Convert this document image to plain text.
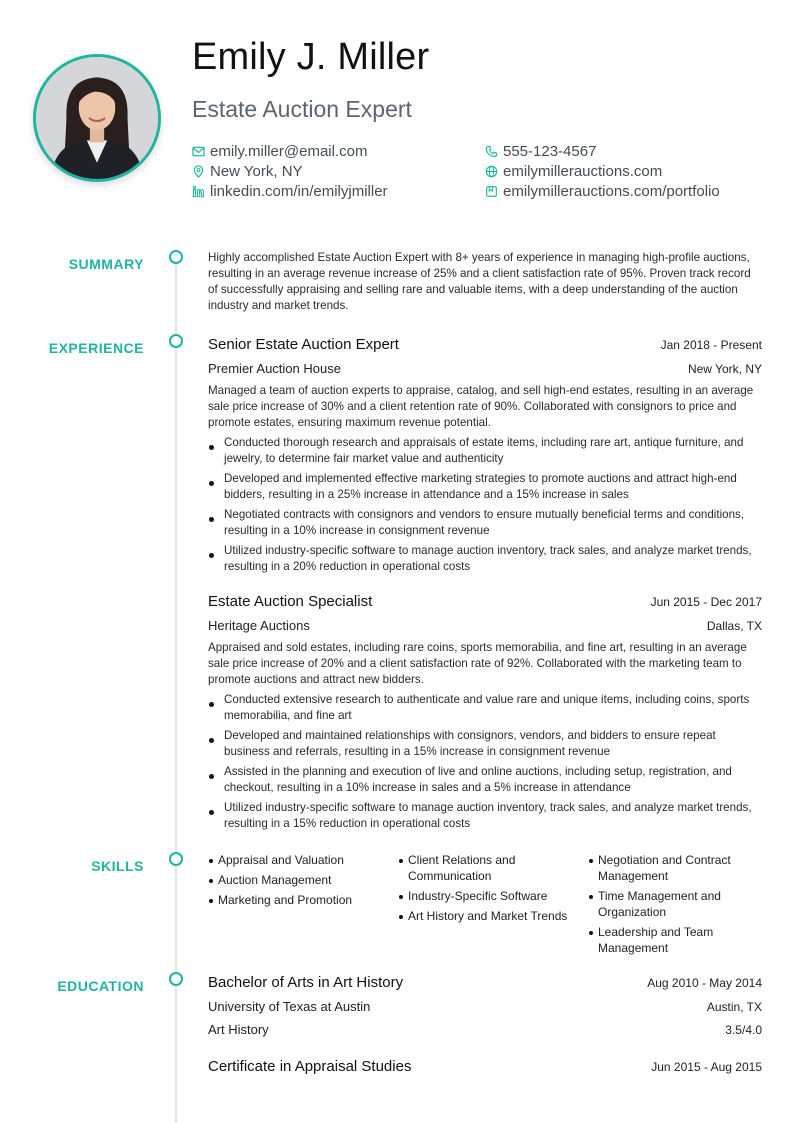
Emily J. Miller
Estate Auction Expert
emily.miller@email.com	555-123-4567
New York, NY	emilymillerauctions.com
linkedin.com/in/emilyjmiller	emilymillerauctions.com/portfolio
SUMMARY	Highly accomplished Estate Auction Expert with 8+ years of experience in managing high-profile auctions, resulting in an average revenue increase of 25% and a client satisfaction rate of 95%. Proven track record of successfully appraising and selling rare and valuable items, with a deep understanding of the auction industry and market trends.
EXPERIENCE	Senior Estate Auction Expert	Jan 2018 - Present
Premier Auction House	New York, NY
Managed a team of auction experts to appraise, catalog, and sell high-end estates, resulting in an average sale price increase of 30% and a client retention rate of 90%. Collaborated with consignors to price and promote estates, ensuring maximum revenue potential.
Conducted thorough research and appraisals of estate items, including rare art, antique furniture, and jewelry, to determine fair market value and authenticity
Developed and implemented effective marketing strategies to promote auctions and attract high-end bidders, resulting in a 25% increase in attendance and a 15% increase in sales
Negotiated contracts with consignors and vendors to ensure mutually beneficial terms and conditions, resulting in a 10% increase in consignment revenue
Utilized industry-specific software to manage auction inventory, track sales, and analyze market trends, resulting in a 20% reduction in operational costs
Estate Auction Specialist	Jun 2015 - Dec 2017
Heritage Auctions	Dallas, TX
Appraised and sold estates, including rare coins, sports memorabilia, and fine art, resulting in an average sale price increase of 20% and a client satisfaction rate of 92%. Collaborated with the marketing team to promote auctions and attract new bidders.
Conducted extensive research to authenticate and value rare and unique items, including coins, sports memorabilia, and fine art
Developed and maintained relationships with consignors, vendors, and bidders to ensure repeat business and referrals, resulting in a 15% increase in consignment revenue
Assisted in the planning and execution of live and online auctions, including setup, registration, and checkout, resulting in a 10% increase in sales and a 5% increase in attendance
Utilized industry-specific software to manage auction inventory, track sales, and analyze market trends, resulting in a 15% reduction in operational costs
SKILLS	Appraisal and Valuation
Auction Management
Marketing and Promotion
Client Relations and Communication
Industry-Specific Software
Art History and Market Trends
Negotiation and Contract Management
Time Management and Organization
Leadership and Team Management
EDUCATION	Bachelor of Arts in Art History	Aug 2010 - May 2014
University of Texas at Austin	Austin, TX
Art History	3.5/4.0
Certificate in Appraisal Studies	Jun 2015 - Aug 2015
